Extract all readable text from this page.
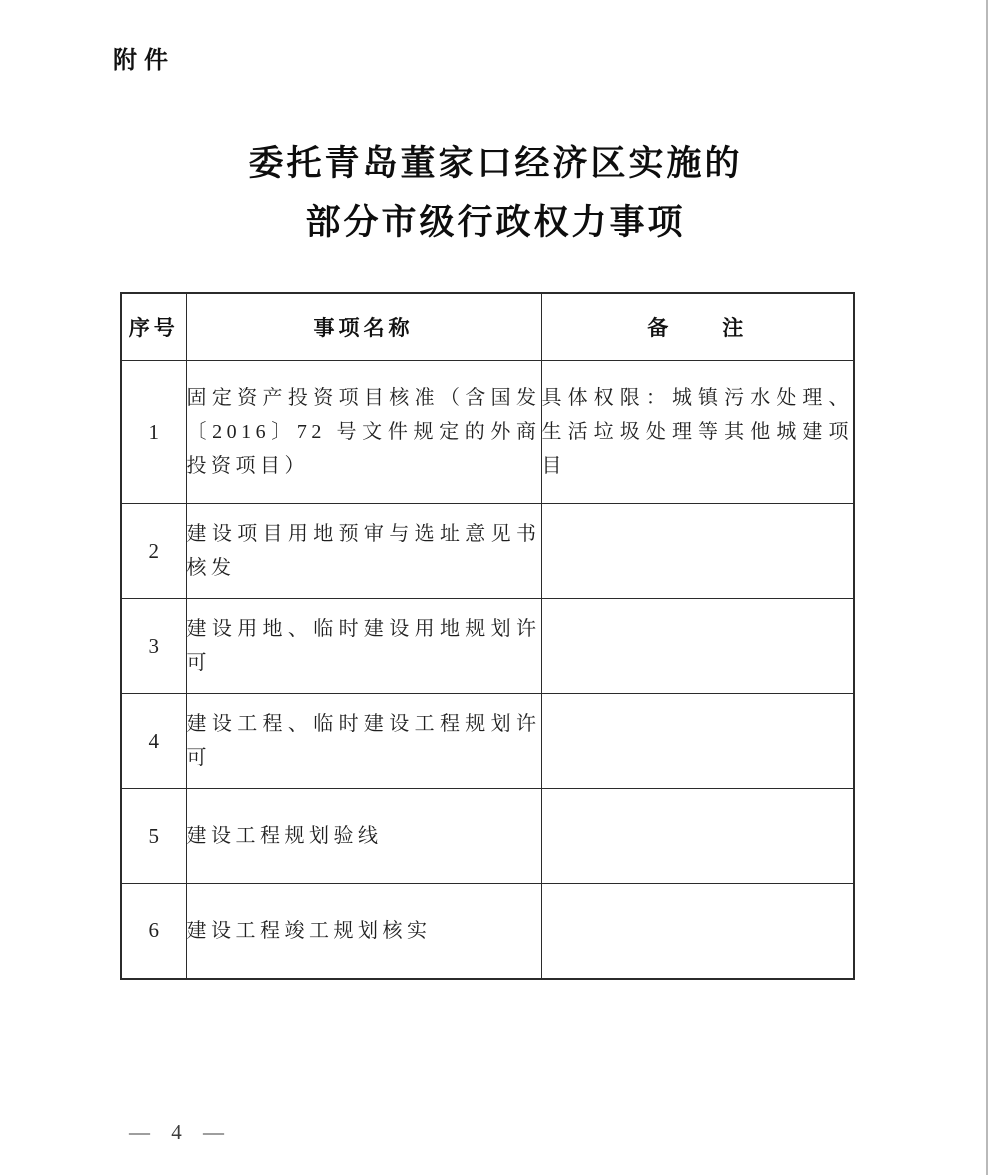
附件
委托青岛董家口经济区实施的
部分市级行政权力事项
序号	事项名称	备　　注
1	固定资产投资项目核准（含国发〔2016〕72 号文件规定的外商投资项目）	具体权限：城镇污水处理、生活垃圾处理等其他城建项目
2	建设项目用地预审与选址意见书核发	
3	建设用地、临时建设用地规划许可	
4	建设工程、临时建设工程规划许可	
5	建设工程规划验线	
6	建设工程竣工规划核实	
— 4 —
